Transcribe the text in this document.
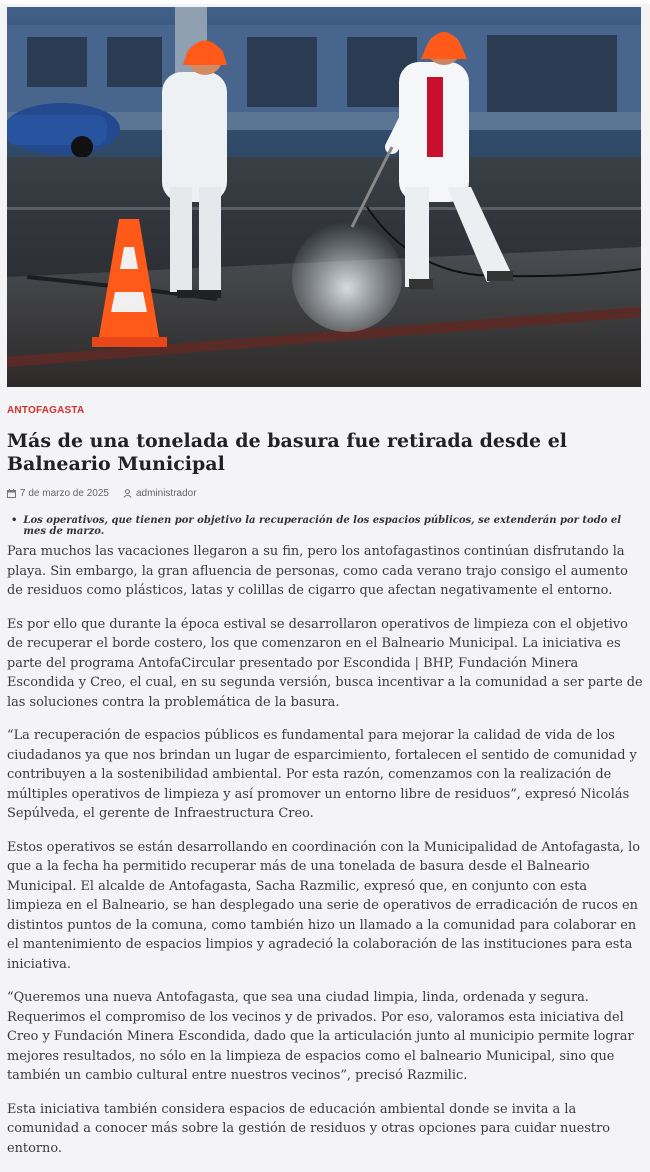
ANTOFAGASTA
Más de una tonelada de basura fue retirada desde el Balneario Municipal
7 de marzo de 2025	administrador
• Los operativos, que tienen por objetivo la recuperación de los espacios públicos, se extenderán por todo el mes de marzo.

Para muchos las vacaciones llegaron a su fin, pero los antofagastinos continúan disfrutando la playa. Sin embargo, la gran afluencia de personas, como cada verano trajo consigo el aumento de residuos como plásticos, latas y colillas de cigarro que afectan negativamente el entorno.

Es por ello que durante la época estival se desarrollaron operativos de limpieza con el objetivo de recuperar el borde costero, los que comenzaron en el Balneario Municipal. La iniciativa es parte del programa AntofaCircular presentado por Escondida | BHP, Fundación Minera Escondida y Creo, el cual, en su segunda versión, busca incentivar a la comunidad a ser parte de las soluciones contra la problemática de la basura.

“La recuperación de espacios públicos es fundamental para mejorar la calidad de vida de los ciudadanos ya que nos brindan un lugar de esparcimiento, fortalecen el sentido de comunidad y contribuyen a la sostenibilidad ambiental. Por esta razón, comenzamos con la realización de múltiples operativos de limpieza y así promover un entorno libre de residuos”, expresó Nicolás Sepúlveda, el gerente de Infraestructura Creo.

Estos operativos se están desarrollando en coordinación con la Municipalidad de Antofagasta, lo que a la fecha ha permitido recuperar más de una tonelada de basura desde el Balneario Municipal. El alcalde de Antofagasta, Sacha Razmilic, expresó que, en conjunto con esta limpieza en el Balneario, se han desplegado una serie de operativos de erradicación de rucos en distintos puntos de la comuna, como también hizo un llamado a la comunidad para colaborar en el mantenimiento de espacios limpios y agradeció la colaboración de las instituciones para esta iniciativa.

“Queremos una nueva Antofagasta, que sea una ciudad limpia, linda, ordenada y segura. Requerimos el compromiso de los vecinos y de privados. Por eso, valoramos esta iniciativa del Creo y Fundación Minera Escondida, dado que la articulación junto al municipio permite lograr mejores resultados, no sólo en la limpieza de espacios como el balneario Municipal, sino que también un cambio cultural entre nuestros vecinos”, precisó Razmilic.

Esta iniciativa también considera espacios de educación ambiental donde se invita a la comunidad a conocer más sobre la gestión de residuos y otras opciones para cuidar nuestro entorno.
